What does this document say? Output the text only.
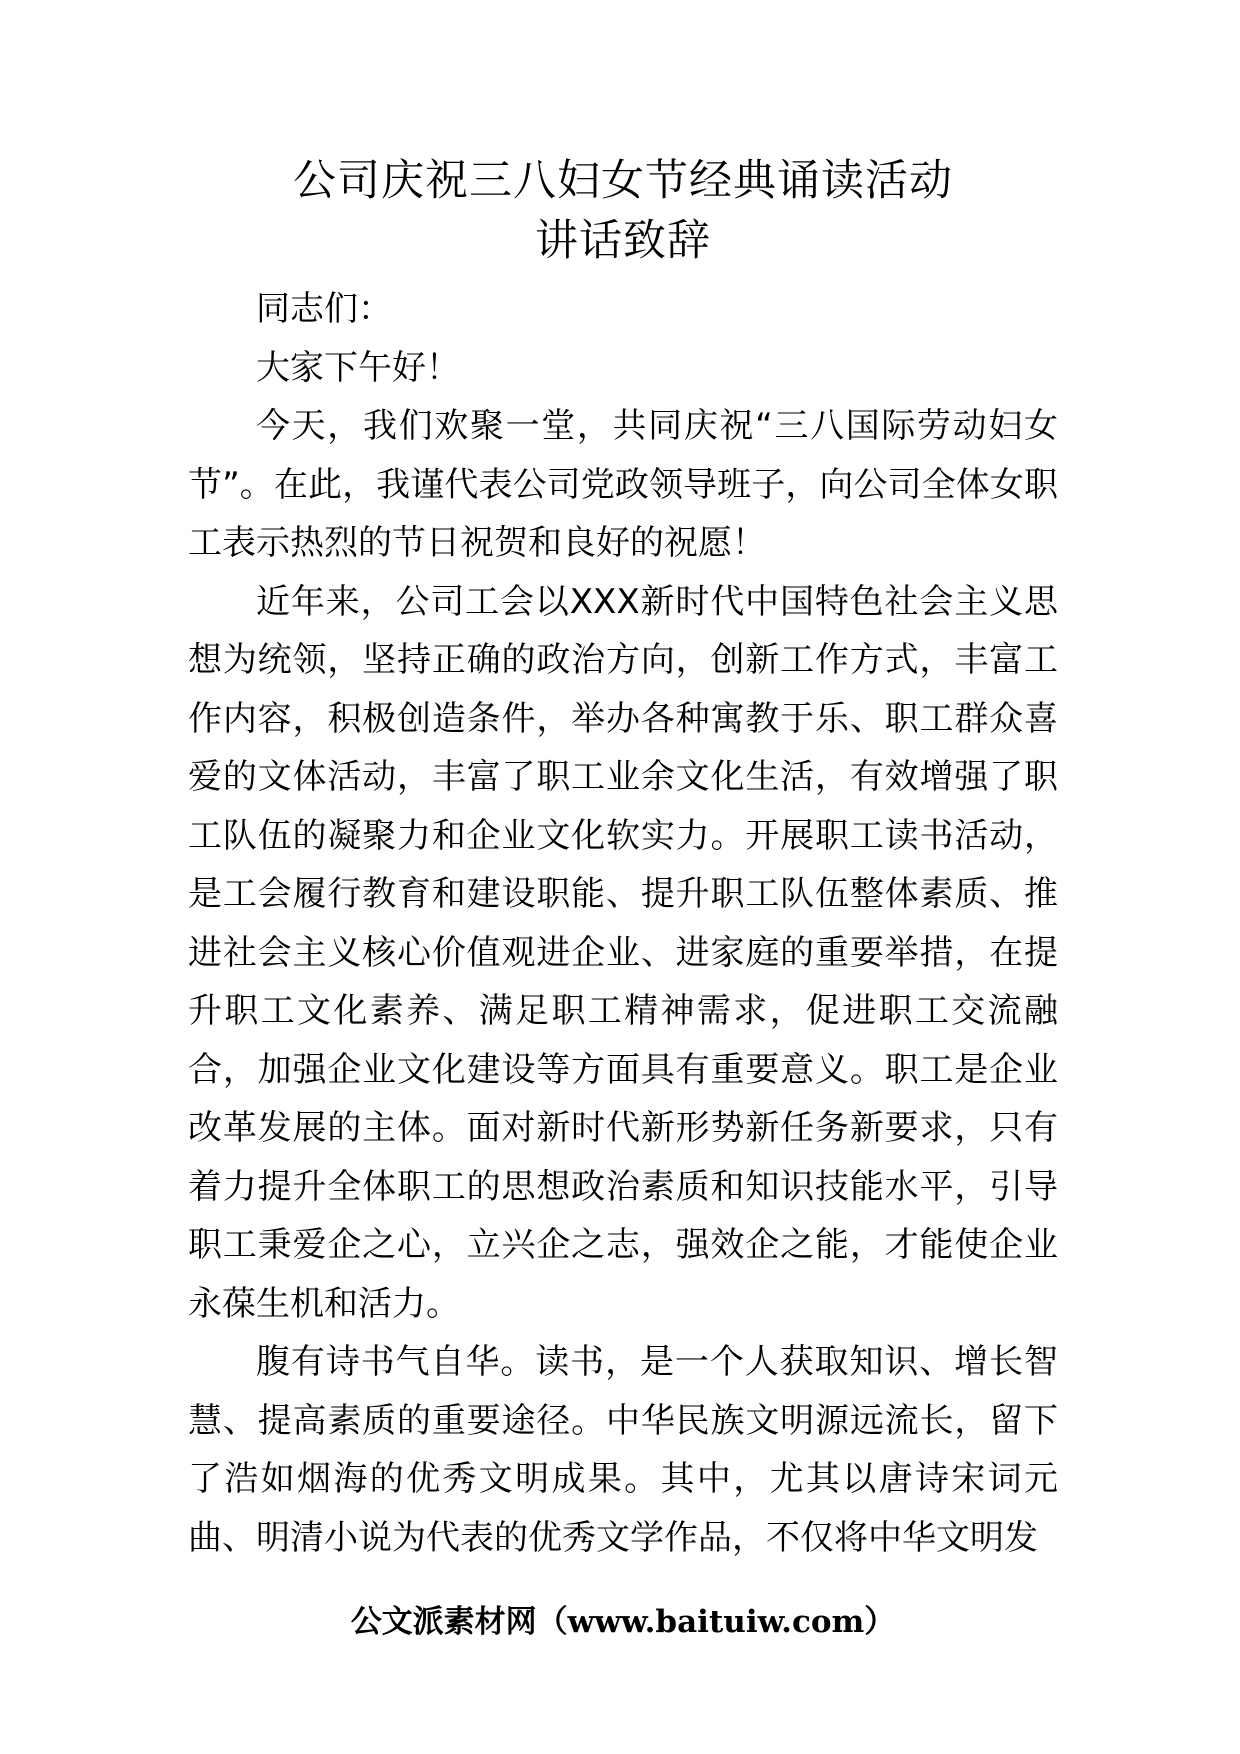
公司庆祝三八妇女节经典诵读活动
讲话致辞

同志们：

大家下午好！

今天，我们欢聚一堂，共同庆祝“三八国际劳动妇女节”。在此，我谨代表公司党政领导班子，向公司全体女职工表示热烈的节日祝贺和良好的祝愿！

近年来，公司工会以XXX新时代中国特色社会主义思想为统领，坚持正确的政治方向，创新工作方式，丰富工作内容，积极创造条件，举办各种寓教于乐、职工群众喜爱的文体活动，丰富了职工业余文化生活，有效增强了职工队伍的凝聚力和企业文化软实力。开展职工读书活动，是工会履行教育和建设职能、提升职工队伍整体素质、推进社会主义核心价值观进企业、进家庭的重要举措，在提升职工文化素养、满足职工精神需求，促进职工交流融合，加强企业文化建设等方面具有重要意义。职工是企业改革发展的主体。面对新时代新形势新任务新要求，只有着力提升全体职工的思想政治素质和知识技能水平，引导职工秉爱企之心，立兴企之志，强效企之能，才能使企业永葆生机和活力。

腹有诗书气自华。读书，是一个人获取知识、增长智慧、提高素质的重要途径。中华民族文明源远流长，留下了浩如烟海的优秀文明成果。其中，尤其以唐诗宋词元曲、明清小说为代表的优秀文学作品，不仅将中华文明发

公文派素材网（www.baituiw.com）
